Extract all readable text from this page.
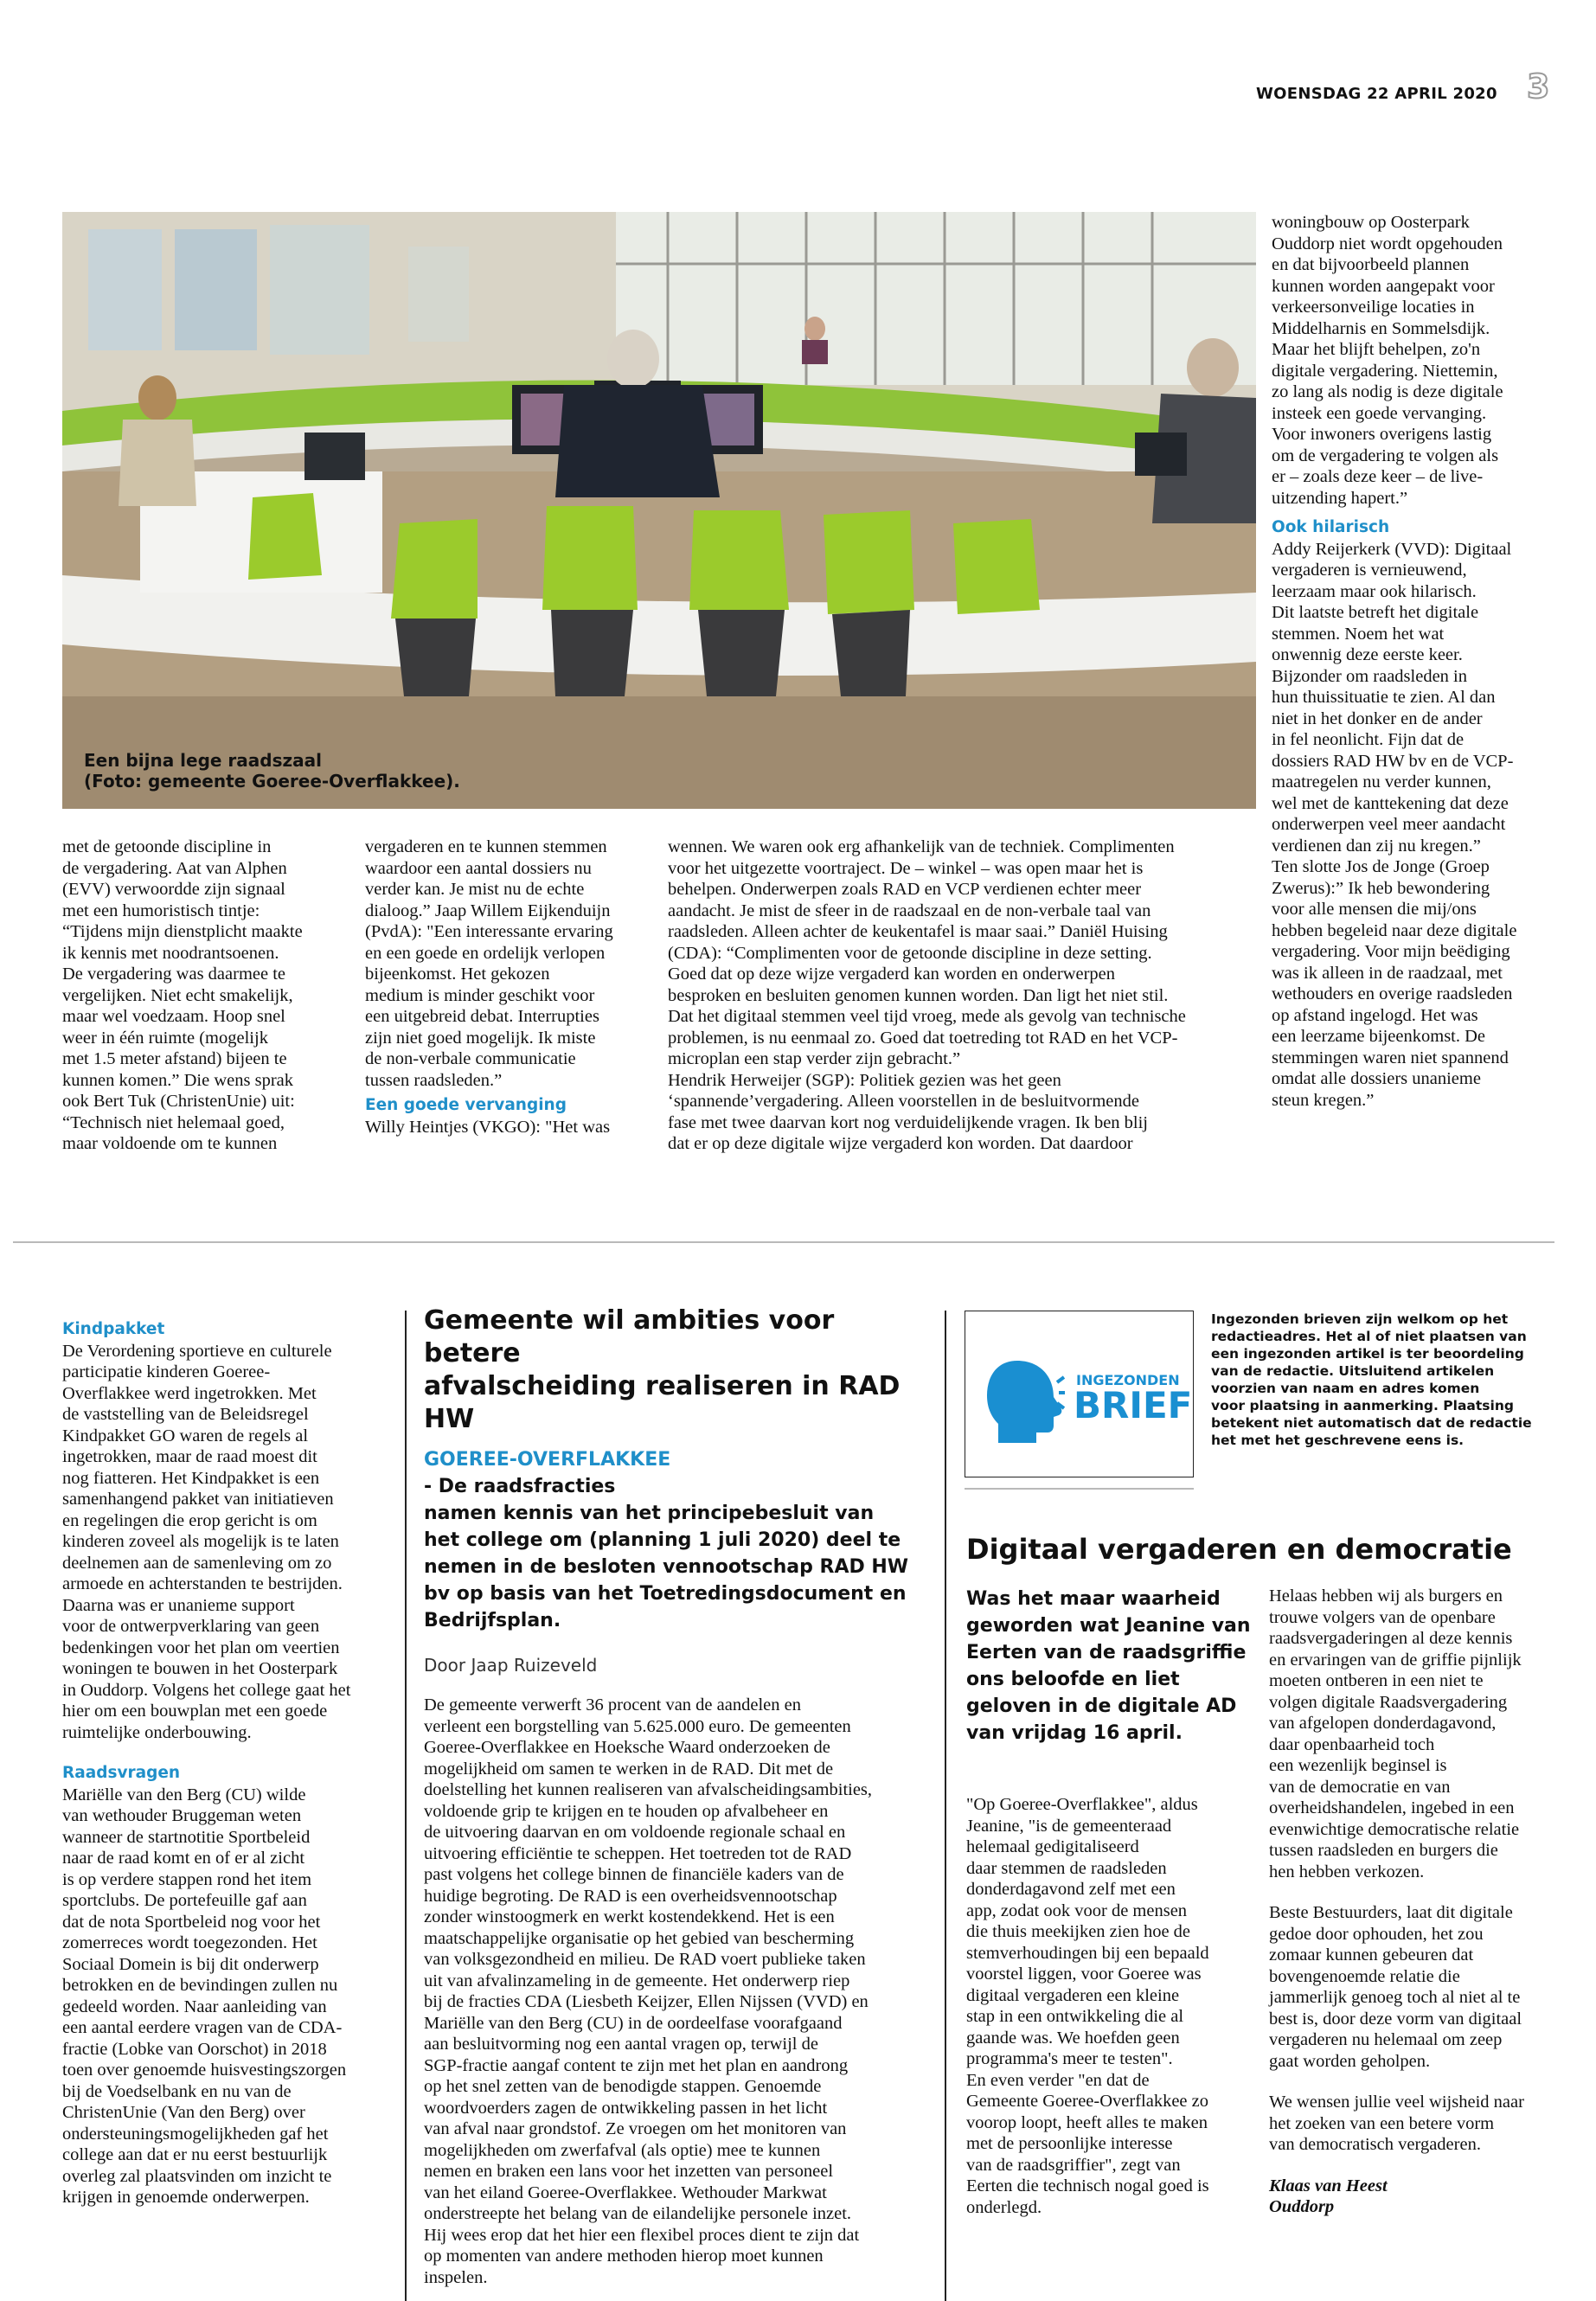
WOENSDAG 22 APRIL 2020 3
Een bijna lege raadszaal
(Foto: gemeente Goeree-Overflakkee).
met de getoonde discipline in
de vergadering. Aat van Alphen
(EVV) verwoordde zijn signaal
met een humoristisch tintje:
“Tijdens mijn dienstplicht maakte
ik kennis met noodrantsoenen.
De vergadering was daarmee te
vergelijken. Niet echt smakelijk,
maar wel voedzaam. Hoop snel
weer in één ruimte (mogelijk
met 1.5 meter afstand) bijeen te
kunnen komen.” Die wens sprak
ook Bert Tuk (ChristenUnie) uit:
“Technisch niet helemaal goed,
maar voldoende om te kunnen
vergaderen en te kunnen stemmen
waardoor een aantal dossiers nu
verder kan. Je mist nu de echte
dialoog.” Jaap Willem Eijkenduijn
(PvdA): "Een interessante ervaring
en een goede en ordelijk verlopen
bijeenkomst. Het gekozen
medium is minder geschikt voor
een uitgebreid debat. Interrupties
zijn niet goed mogelijk. Ik miste
de non-verbale communicatie
tussen raadsleden.”
Een goede vervanging
Willy Heintjes (VKGO): "Het was
wennen. We waren ook erg afhankelijk van de techniek. Complimenten
voor het uitgezette voortraject. De – winkel – was open maar het is
behelpen. Onderwerpen zoals RAD en VCP verdienen echter meer
aandacht. Je mist de sfeer in de raadszaal en de non-verbale taal van
raadsleden. Alleen achter de keukentafel is maar saai.” Daniël Huising
(CDA): “Complimenten voor de getoonde discipline in deze setting.
Goed dat op deze wijze vergaderd kan worden en onderwerpen
besproken en besluiten genomen kunnen worden. Dan ligt het niet stil.
Dat het digitaal stemmen veel tijd vroeg, mede als gevolg van technische
problemen, is nu eenmaal zo. Goed dat toetreding tot RAD en het VCP-
microplan een stap verder zijn gebracht.”
Hendrik Herweijer (SGP): Politiek gezien was het geen
‘spannende’vergadering. Alleen voorstellen in de besluitvormende
fase met twee daarvan kort nog verduidelijkende vragen. Ik ben blij
dat er op deze digitale wijze vergaderd kon worden. Dat daardoor
woningbouw op Oosterpark
Ouddorp niet wordt opgehouden
en dat bijvoorbeeld plannen
kunnen worden aangepakt voor
verkeersonveilige locaties in
Middelharnis en Sommelsdijk.
Maar het blijft behelpen, zo'n
digitale vergadering. Niettemin,
zo lang als nodig is deze digitale
insteek een goede vervanging.
Voor inwoners overigens lastig
om de vergadering te volgen als
er – zoals deze keer – de live-
uitzending hapert.”
Ook hilarisch
Addy Reijerkerk (VVD): Digitaal
vergaderen is vernieuwend,
leerzaam maar ook hilarisch.
Dit laatste betreft het digitale
stemmen. Noem het wat
onwennig deze eerste keer.
Bijzonder om raadsleden in
hun thuissituatie te zien. Al dan
niet in het donker en de ander
in fel neonlicht. Fijn dat de
dossiers RAD HW bv en de VCP-
maatregelen nu verder kunnen,
wel met de kanttekening dat deze
onderwerpen veel meer aandacht
verdienen dan zij nu kregen.”
Ten slotte Jos de Jonge (Groep
Zwerus):” Ik heb bewondering
voor alle mensen die mij/ons
hebben begeleid naar deze digitale
vergadering. Voor mijn beëdiging
was ik alleen in de raadzaal, met
wethouders en overige raadsleden
op afstand ingelogd. Het was
een leerzame bijeenkomst. De
stemmingen waren niet spannend
omdat alle dossiers unanieme
steun kregen.”
Kindpakket
De Verordening sportieve en culturele
participatie kinderen Goeree-
Overflakkee werd ingetrokken. Met
de vaststelling van de Beleidsregel
Kindpakket GO waren de regels al
ingetrokken, maar de raad moest dit
nog fiatteren. Het Kindpakket is een
samenhangend pakket van initiatieven
en regelingen die erop gericht is om
kinderen zoveel als mogelijk is te laten
deelnemen aan de samenleving om zo
armoede en achterstanden te bestrijden.
Daarna was er unanieme support
voor de ontwerpverklaring van geen
bedenkingen voor het plan om veertien
woningen te bouwen in het Oosterpark
in Ouddorp. Volgens het college gaat het
hier om een bouwplan met een goede
ruimtelijke onderbouwing.
Raadsvragen
Mariëlle van den Berg (CU) wilde
van wethouder Bruggeman weten
wanneer de startnotitie Sportbeleid
naar de raad komt en of er al zicht
is op verdere stappen rond het item
sportclubs. De portefeuille gaf aan
dat de nota Sportbeleid nog voor het
zomerreces wordt toegezonden. Het
Sociaal Domein is bij dit onderwerp
betrokken en de bevindingen zullen nu
gedeeld worden. Naar aanleiding van
een aantal eerdere vragen van de CDA-
fractie (Lobke van Oorschot) in 2018
toen over genoemde huisvestingszorgen
bij de Voedselbank en nu van de
ChristenUnie (Van den Berg) over
ondersteuningsmogelijkheden gaf het
college aan dat er nu eerst bestuurlijk
overleg zal plaatsvinden om inzicht te
krijgen in genoemde onderwerpen.
Gemeente wil ambities voor betere
afvalscheiding realiseren in RAD HW
GOEREE-OVERFLAKKEE
- De raadsfracties
namen kennis van het principebesluit van
het college om (planning 1 juli 2020) deel te
nemen in de besloten vennootschap RAD HW
bv op basis van het Toetredingsdocument en
Bedrijfsplan.
Door Jaap Ruizeveld
De gemeente verwerft 36 procent van de aandelen en
verleent een borgstelling van 5.625.000 euro. De gemeenten
Goeree-Overflakkee en Hoeksche Waard onderzoeken de
mogelijkheid om samen te werken in de RAD. Dit met de
doelstelling het kunnen realiseren van afvalscheidingsambities,
voldoende grip te krijgen en te houden op afvalbeheer en
de uitvoering daarvan en om voldoende regionale schaal en
uitvoering efficiëntie te scheppen. Het toetreden tot de RAD
past volgens het college binnen de financiële kaders van de
huidige begroting. De RAD is een overheidsvennootschap
zonder winstoogmerk en werkt kostendekkend. Het is een
maatschappelijke organisatie op het gebied van bescherming
van volksgezondheid en milieu. De RAD voert publieke taken
uit van afvalinzameling in de gemeente. Het onderwerp riep
bij de fracties CDA (Liesbeth Keijzer, Ellen Nijssen (VVD) en
Mariëlle van den Berg (CU) in de oordeelfase voorafgaand
aan besluitvorming nog een aantal vragen op, terwijl de
SGP-fractie aangaf content te zijn met het plan en aandrong
op het snel zetten van de benodigde stappen. Genoemde
woordvoerders zagen de ontwikkeling passen in het licht
van afval naar grondstof. Ze vroegen om het monitoren van
mogelijkheden om zwerfafval (als optie) mee te kunnen
nemen en braken een lans voor het inzetten van personeel
van het eiland Goeree-Overflakkee. Wethouder Markwat
onderstreepte het belang van de eilandelijke personele inzet.
Hij wees erop dat het hier een flexibel proces dient te zijn dat
op momenten van andere methoden hierop moet kunnen
inspelen.
INGEZONDEN
BRIEF
Ingezonden brieven zijn welkom op het
redactieadres. Het al of niet plaatsen van
een ingezonden artikel is ter beoordeling
van de redactie. Uitsluitend artikelen
voorzien van naam en adres komen
voor plaatsing in aanmerking. Plaatsing
betekent niet automatisch dat de redactie
het met het geschrevene eens is.
Digitaal vergaderen en democratie
Was het maar waarheid
geworden wat Jeanine van
Eerten van de raadsgriffie
ons beloofde en liet
geloven in de digitale AD
van vrijdag 16 april.
"Op Goeree-Overflakkee", aldus
Jeanine, "is de gemeenteraad
helemaal gedigitaliseerd
daar stemmen de raadsleden
donderdagavond zelf met een
app, zodat ook voor de mensen
die thuis meekijken zien hoe de
stemverhoudingen bij een bepaald
voorstel liggen, voor Goeree was
digitaal vergaderen een kleine
stap in een ontwikkeling die al
gaande was. We hoefden geen
programma's meer te testen".
En even verder "en dat de
Gemeente Goeree-Overflakkee zo
voorop loopt, heeft alles te maken
met de persoonlijke interesse
van de raadsgriffier", zegt van
Eerten die technisch nogal goed is
onderlegd.
Helaas hebben wij als burgers en
trouwe volgers van de openbare
raadsvergaderingen al deze kennis
en ervaringen van de griffie pijnlijk
moeten ontberen in een niet te
volgen digitale Raadsvergadering
van afgelopen donderdagavond,
daar openbaarheid toch
een wezenlijk beginsel is
van de democratie en van
overheidshandelen, ingebed in een
evenwichtige democratische relatie
tussen raadsleden en burgers die
hen hebben verkozen.
Beste Bestuurders, laat dit digitale
gedoe door ophouden, het zou
zomaar kunnen gebeuren dat
bovengenoemde relatie die
jammerlijk genoeg toch al niet al te
best is, door deze vorm van digitaal
vergaderen nu helemaal om zeep
gaat worden geholpen.
We wensen jullie veel wijsheid naar
het zoeken van een betere vorm
van democratisch vergaderen.
Klaas van Heest
Ouddorp
